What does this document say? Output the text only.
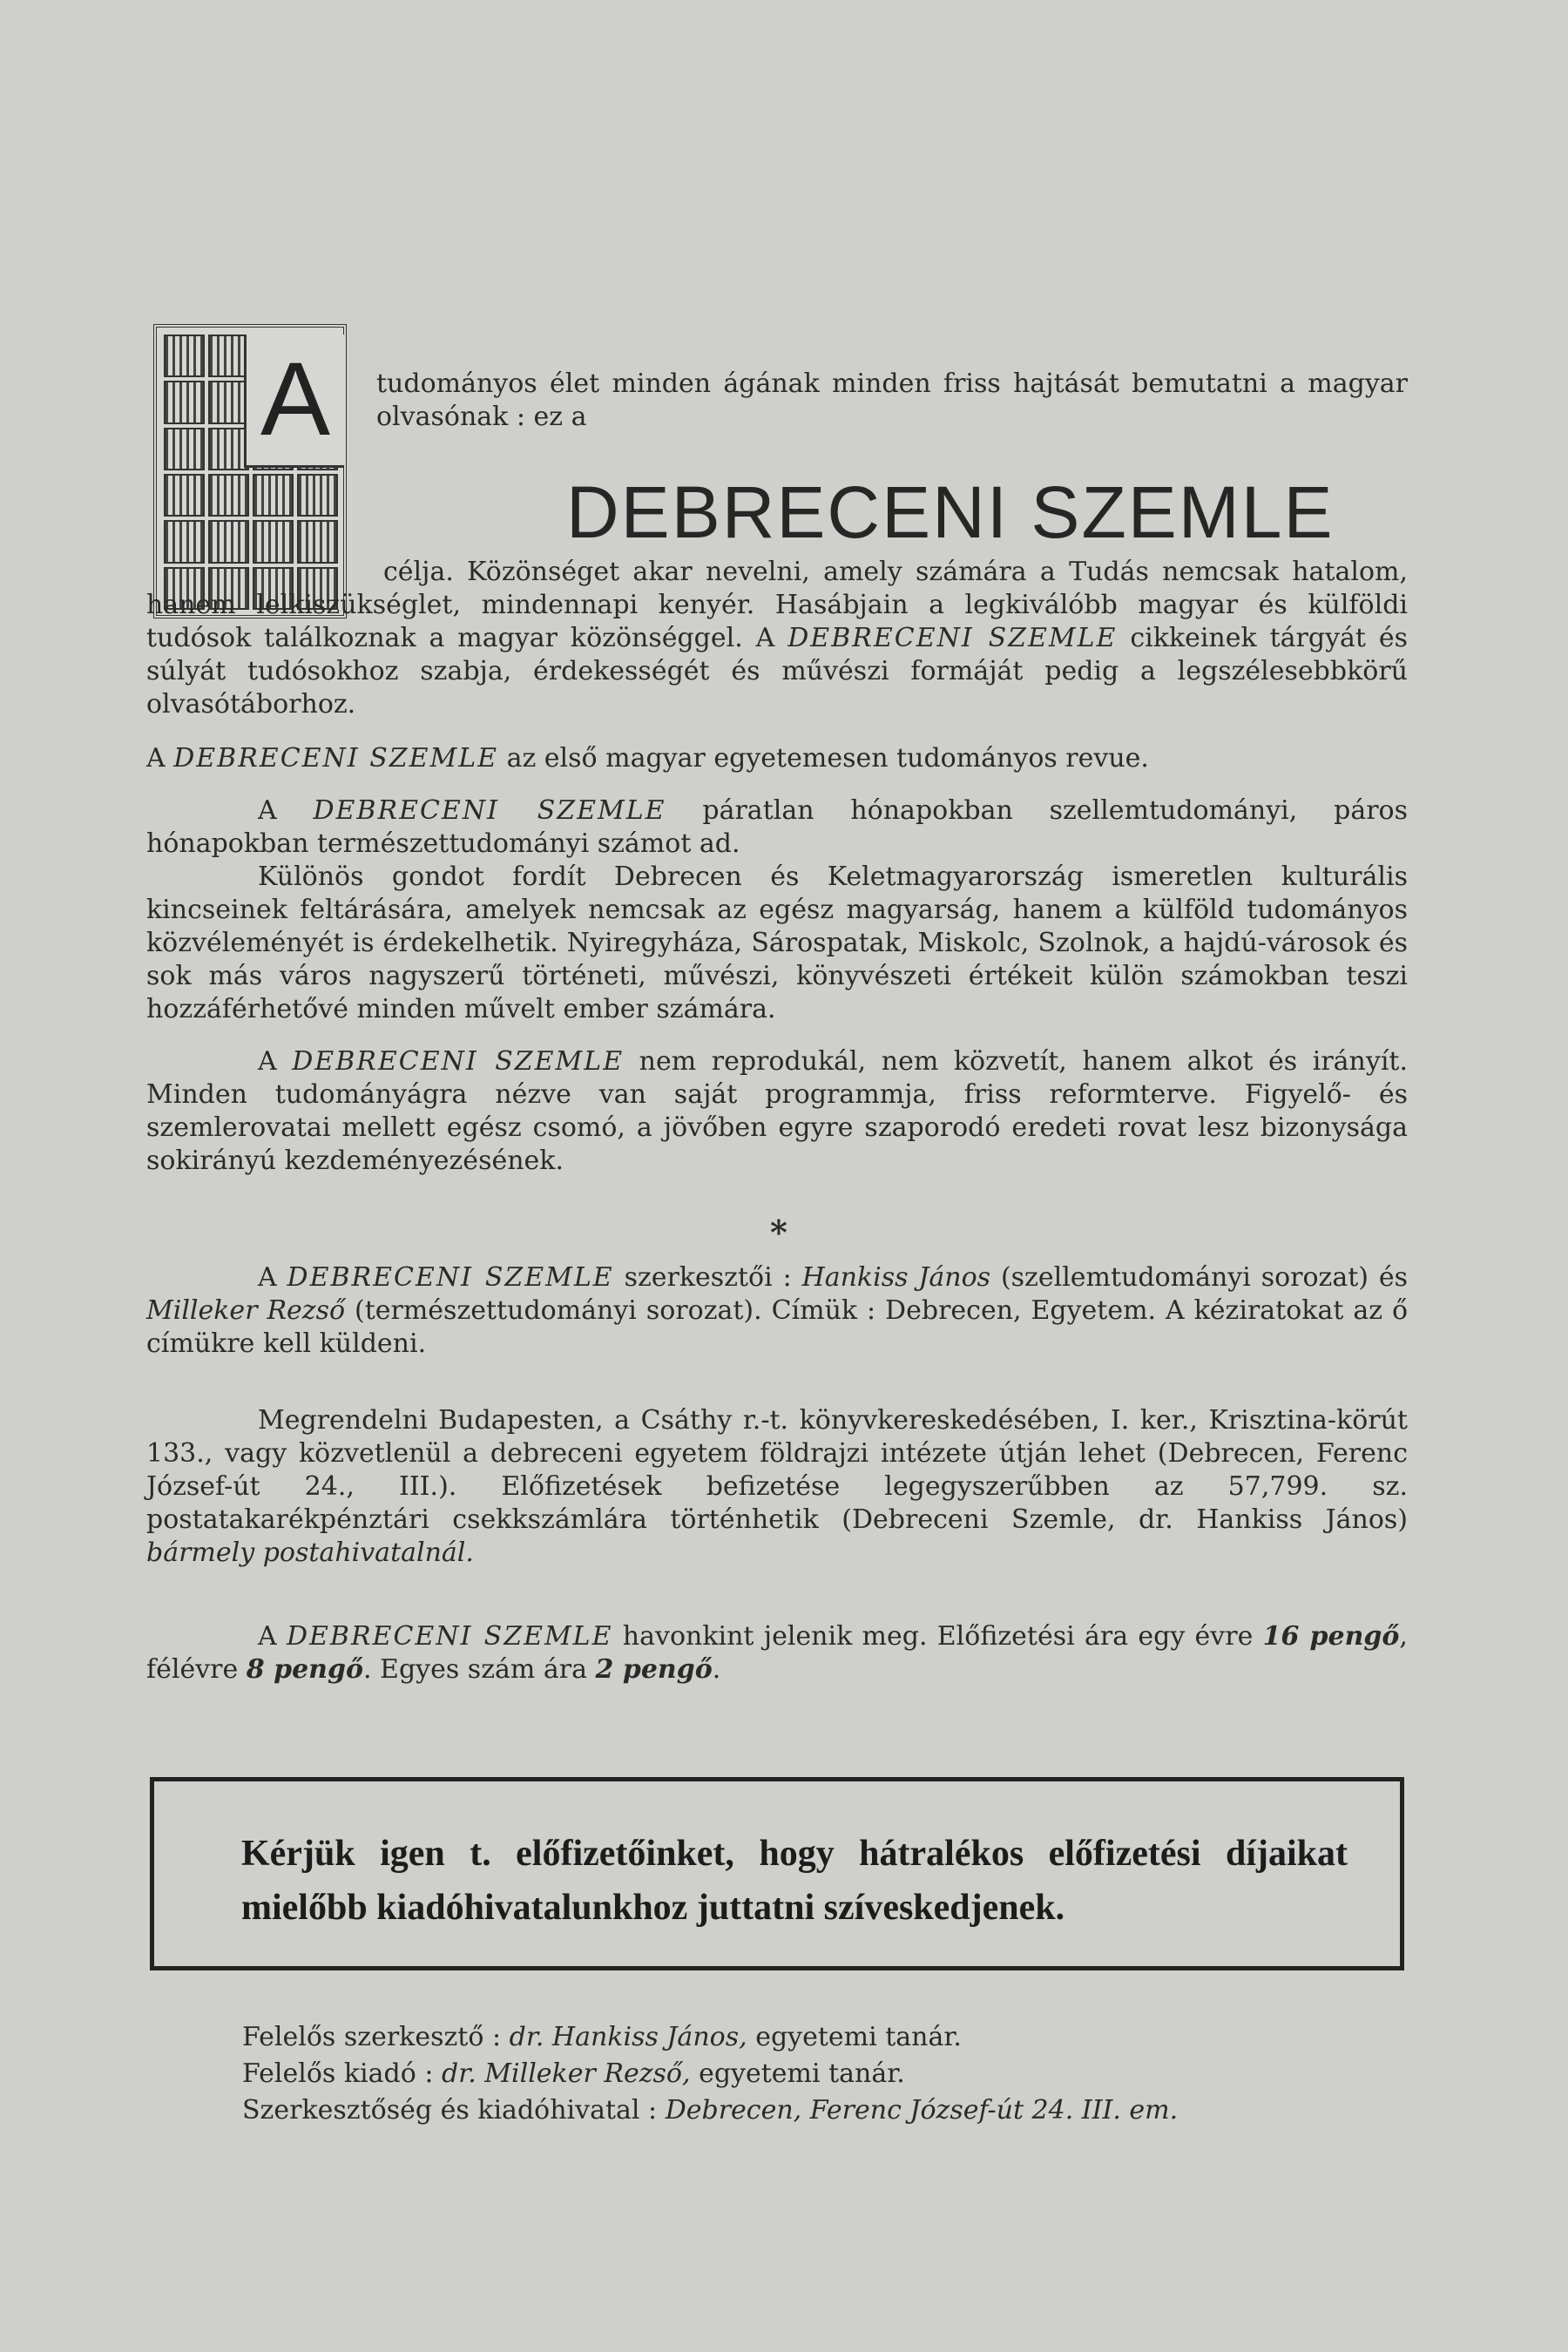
A	tudományos élet minden ágának minden friss hajtását bemutatni a magyar olvasónak : ez a

DEBRECENI SZEMLE

célja. Közönséget akar nevelni, amely számára a Tudás nemcsak hatalom, hanem lelkiszükséglet, mindennapi kenyér. Hasábjain a legkiválóbb magyar és külföldi tudósok találkoznak a magyar közönséggel. A DEBRECENI SZEMLE cikkeinek tárgyát és súlyát tudósokhoz szabja, érdekességét és művészi formáját pedig a legszélesebbkörű olvasótáborhoz.

A DEBRECENI SZEMLE az első magyar egyetemesen tudományos revue.

A DEBRECENI SZEMLE páratlan hónapokban szellemtudományi, páros hónapokban természettudományi számot ad.

Különös gondot fordít Debrecen és Keletmagyarország ismeretlen kulturális kincseinek feltárására, amelyek nemcsak az egész magyarság, hanem a külföld tudományos közvéleményét is érdekelhetik. Nyiregyháza, Sárospatak, Miskolc, Szolnok, a hajdú-városok és sok más város nagyszerű történeti, művészi, könyvészeti értékeit külön számokban teszi hozzáférhetővé minden művelt ember számára.

A DEBRECENI SZEMLE nem reprodukál, nem közvetít, hanem alkot és irányít. Minden tudományágra nézve van saját programmja, friss reformterve. Figyelő- és szemlerovatai mellett egész csomó, a jövőben egyre szaporodó eredeti rovat lesz bizonysága sokirányú kezdeményezésének.

*

A DEBRECENI SZEMLE szerkesztői : Hankiss János (szellemtudományi sorozat) és Milleker Rezső (természettudományi sorozat). Címük : Debrecen, Egyetem. A kéziratokat az ő címükre kell küldeni.

Megrendelni Budapesten, a Csáthy r.-t. könyvkereskedésében, I. ker., Krisztina-körút 133., vagy közvetlenül a debreceni egyetem földrajzi intézete útján lehet (Debrecen, Ferenc József-út 24., III.). Előfizetések befizetése legegyszerűbben az 57,799. sz. postatakarékpénztári csekkszámlára történhetik (Debreceni Szemle, dr. Hankiss János) bármely postahivatalnál.

A DEBRECENI SZEMLE havonkint jelenik meg. Előfizetési ára egy évre 16 pengő, félévre 8 pengő. Egyes szám ára 2 pengő.

Kérjük igen t. előfizetőinket, hogy hátralékos előfizetési díjaikat mielőbb kiadóhivatalunkhoz juttatni szíveskedjenek.

Felelős szerkesztő : dr. Hankiss János, egyetemi tanár.

Felelős kiadó : dr. Milleker Rezső, egyetemi tanár.

Szerkesztőség és kiadóhivatal : Debrecen, Ferenc József-út 24. III. em.
